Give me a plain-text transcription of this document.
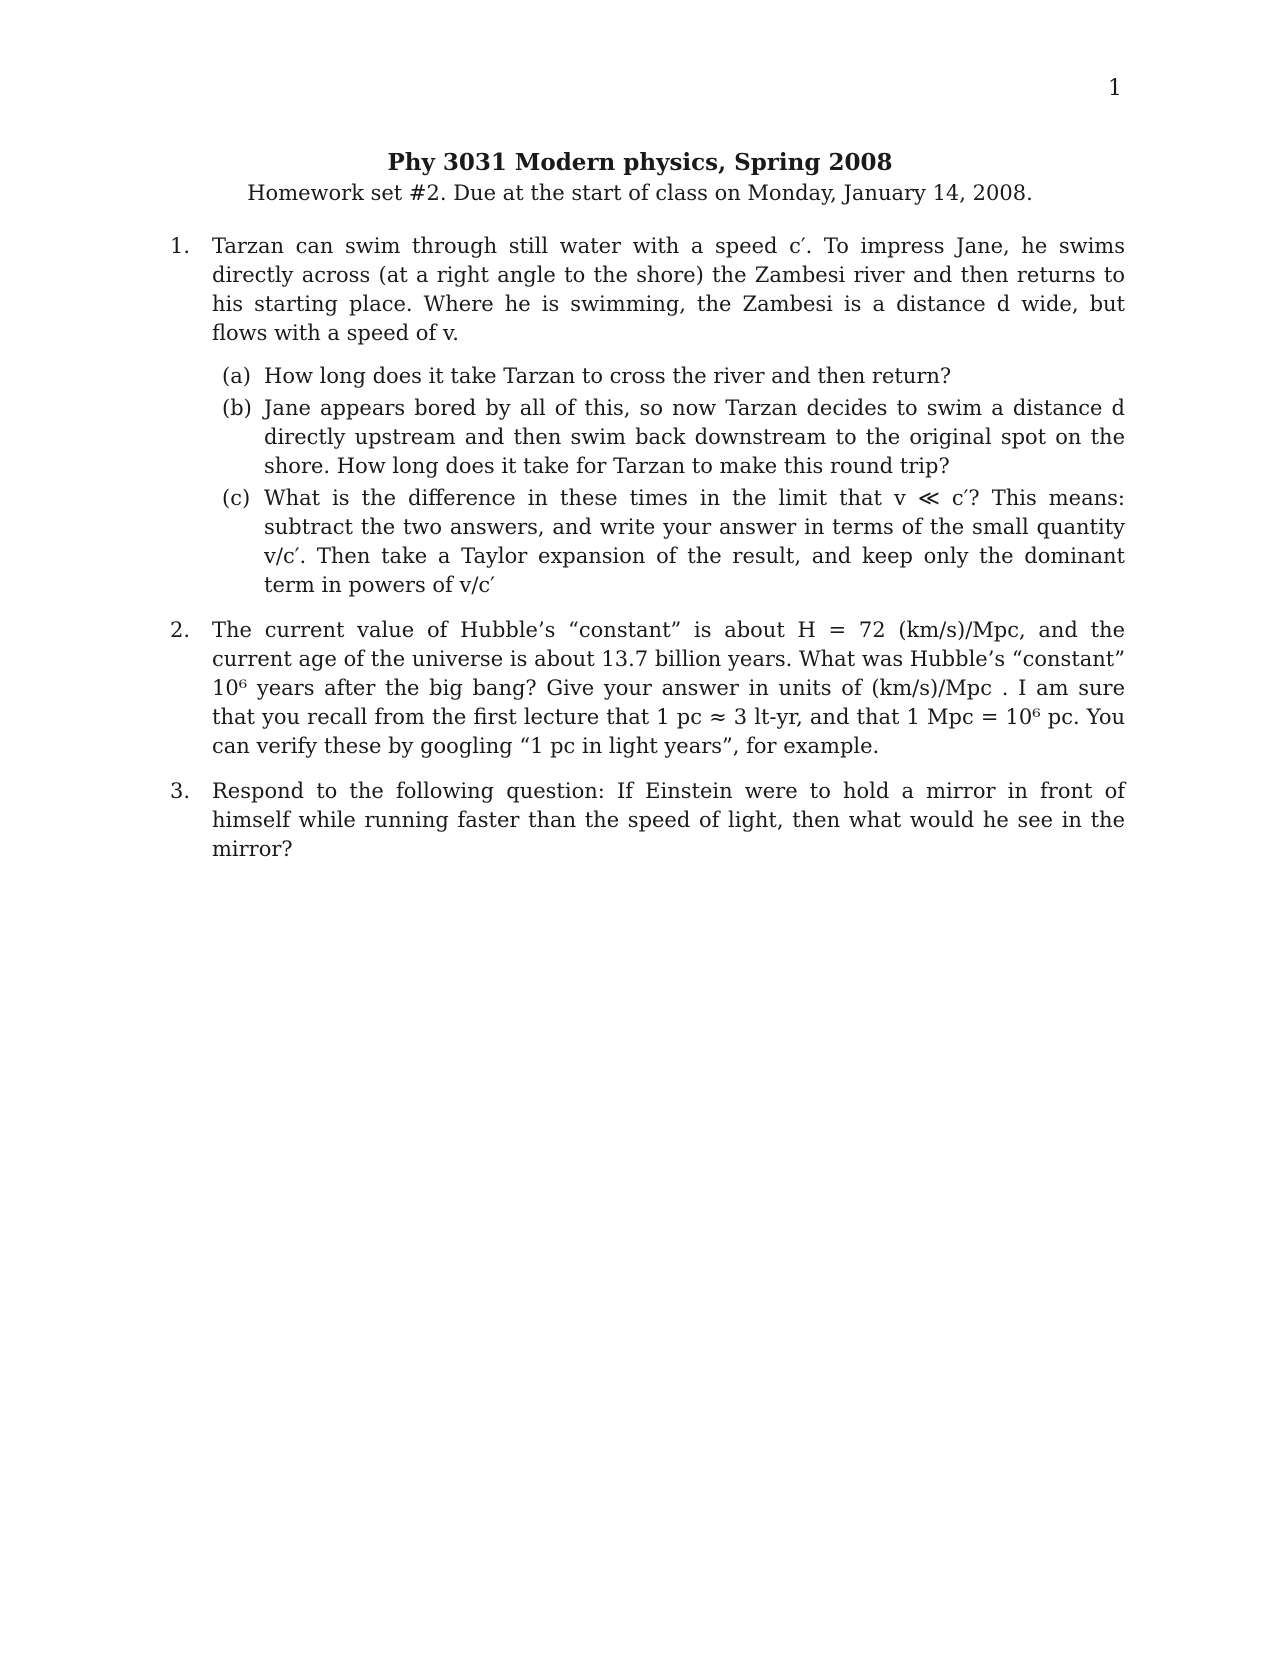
1
Phy 3031 Modern physics, Spring 2008
Homework set #2. Due at the start of class on Monday, January 14, 2008.
1. Tarzan can swim through still water with a speed c′. To impress Jane, he swims directly across (at a right angle to the shore) the Zambesi river and then returns to his starting place. Where he is swimming, the Zambesi is a distance d wide, but flows with a speed of v.
(a) How long does it take Tarzan to cross the river and then return?
(b) Jane appears bored by all of this, so now Tarzan decides to swim a distance d directly upstream and then swim back downstream to the original spot on the shore. How long does it take for Tarzan to make this round trip?
(c) What is the difference in these times in the limit that v ≪ c′? This means: subtract the two answers, and write your answer in terms of the small quantity v/c′. Then take a Taylor expansion of the result, and keep only the dominant term in powers of v/c′
2. The current value of Hubble’s “constant” is about H = 72 (km/s)/Mpc, and the current age of the universe is about 13.7 billion years. What was Hubble’s “constant” 10⁶ years after the big bang? Give your answer in units of (km/s)/Mpc . I am sure that you recall from the first lecture that 1 pc ≈ 3 lt-yr, and that 1 Mpc = 10⁶ pc. You can verify these by googling “1 pc in light years”, for example.
3. Respond to the following question: If Einstein were to hold a mirror in front of himself while running faster than the speed of light, then what would he see in the mirror?
